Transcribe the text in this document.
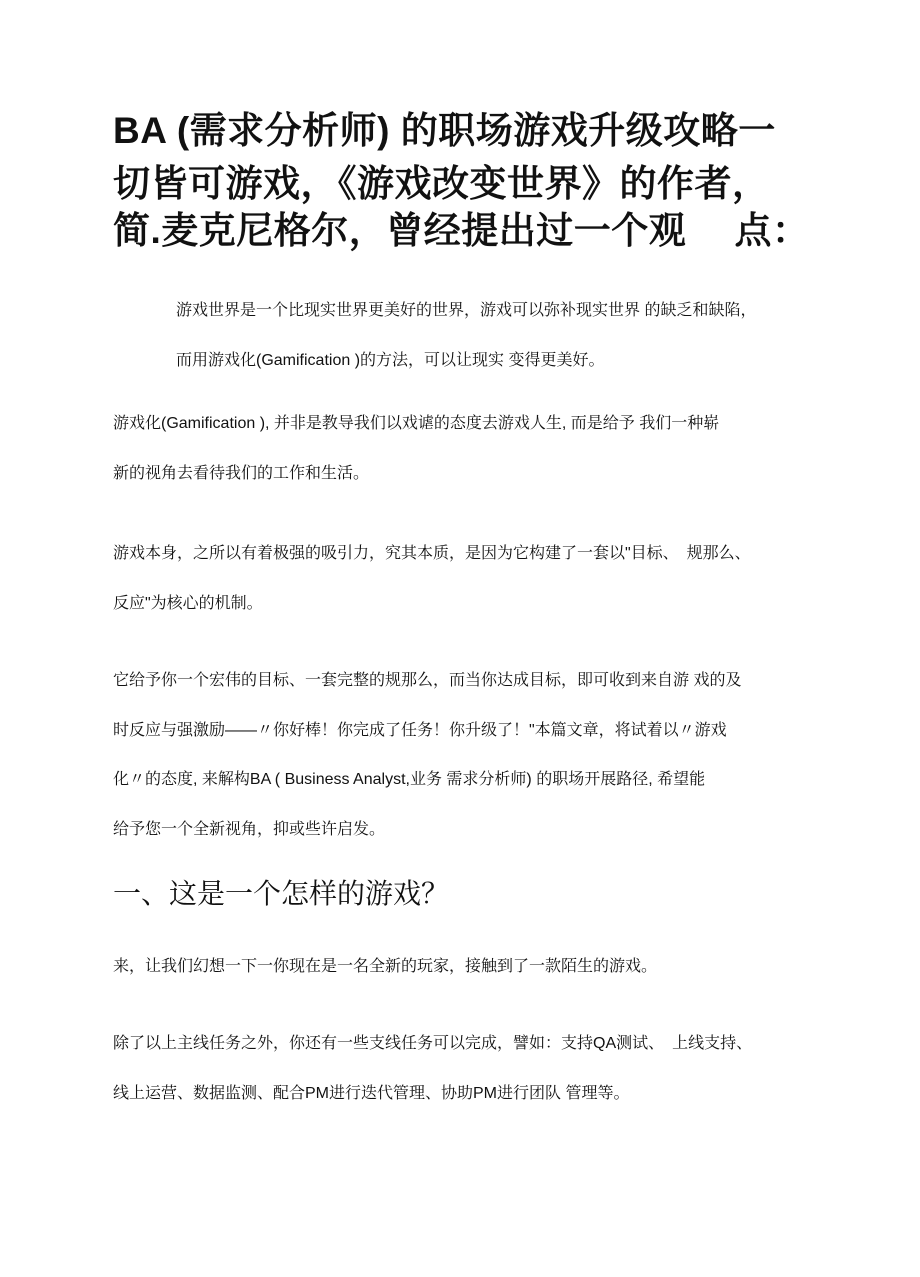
BA (需求分析师) 的职场游戏升级攻略一
切皆可游戏，《游戏改变世界》的作者，
简.麦克尼格尔，曾经提出过一个观　 点：
游戏世界是一个比现实世界更美好的世界，游戏可以弥补现实世界 的缺乏和缺陷，
而用游戏化(Gamification )的方法，可以让现实 变得更美好。
游戏化(Gamification ), 并非是教导我们以戏谑的态度去游戏人生, 而是给予 我们一种崭
新的视角去看待我们的工作和生活。
游戏本身，之所以有着极强的吸引力，究其本质，是因为它构建了一套以"目标、　规那么、
反应"为核心的机制。
它给予你一个宏伟的目标、一套完整的规那么，而当你达成目标，即可收到来自游 戏的及
时反应与强激励——〃你好棒！你完成了任务！你升级了！"本篇文章，将试着以〃游戏
化〃的态度, 来解构BA ( Business Analyst,业务 需求分析师) 的职场开展路径, 希望能
给予您一个全新视角，抑或些许启发。
一、这是一个怎样的游戏？
来，让我们幻想一下一你现在是一名全新的玩家，接触到了一款陌生的游戏。
除了以上主线任务之外，你还有一些支线任务可以完成，譬如：支持QA测试、　上线支持、
线上运营、数据监测、配合PM进行迭代管理、协助PM进行团队 管理等。
